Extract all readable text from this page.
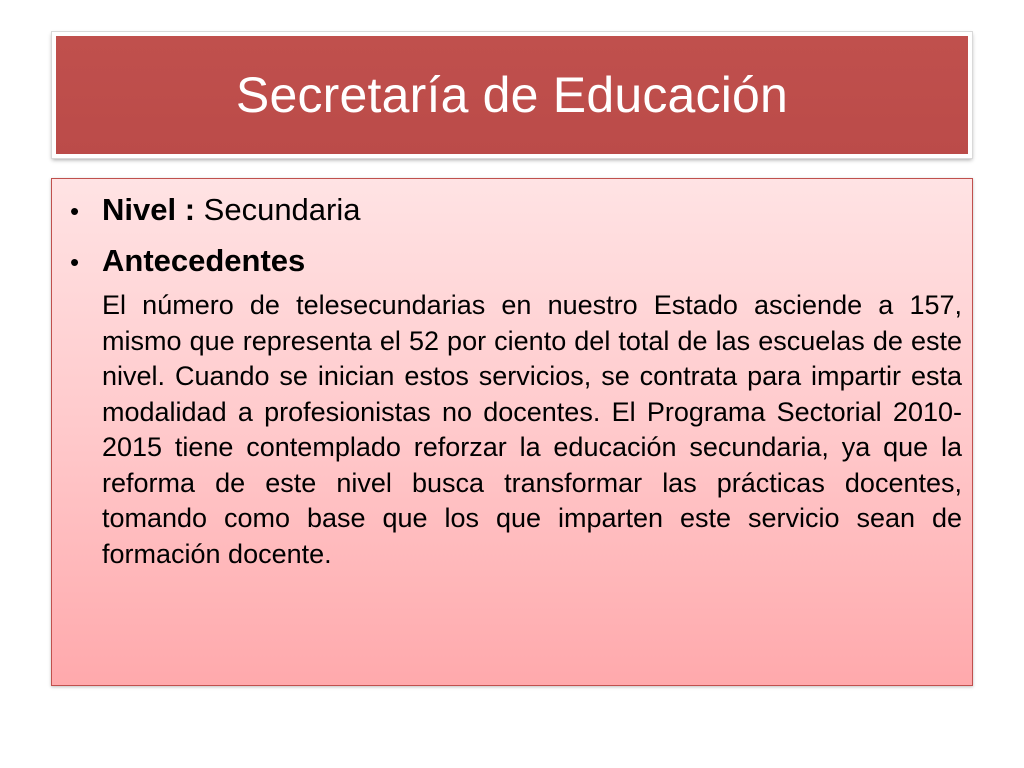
Secretaría de Educación
• Nivel : Secundaria
• Antecedentes
El número de telesecundarias en nuestro Estado asciende a 157, mismo que representa el 52 por ciento del total de las escuelas de este nivel. Cuando se inician estos servicios, se contrata para impartir esta modalidad a profesionistas no docentes. El Programa Sectorial 2010-2015 tiene contemplado reforzar la educación secundaria, ya que la reforma de este nivel busca transformar las prácticas docentes, tomando como base que los que imparten este servicio sean de formación docente.
